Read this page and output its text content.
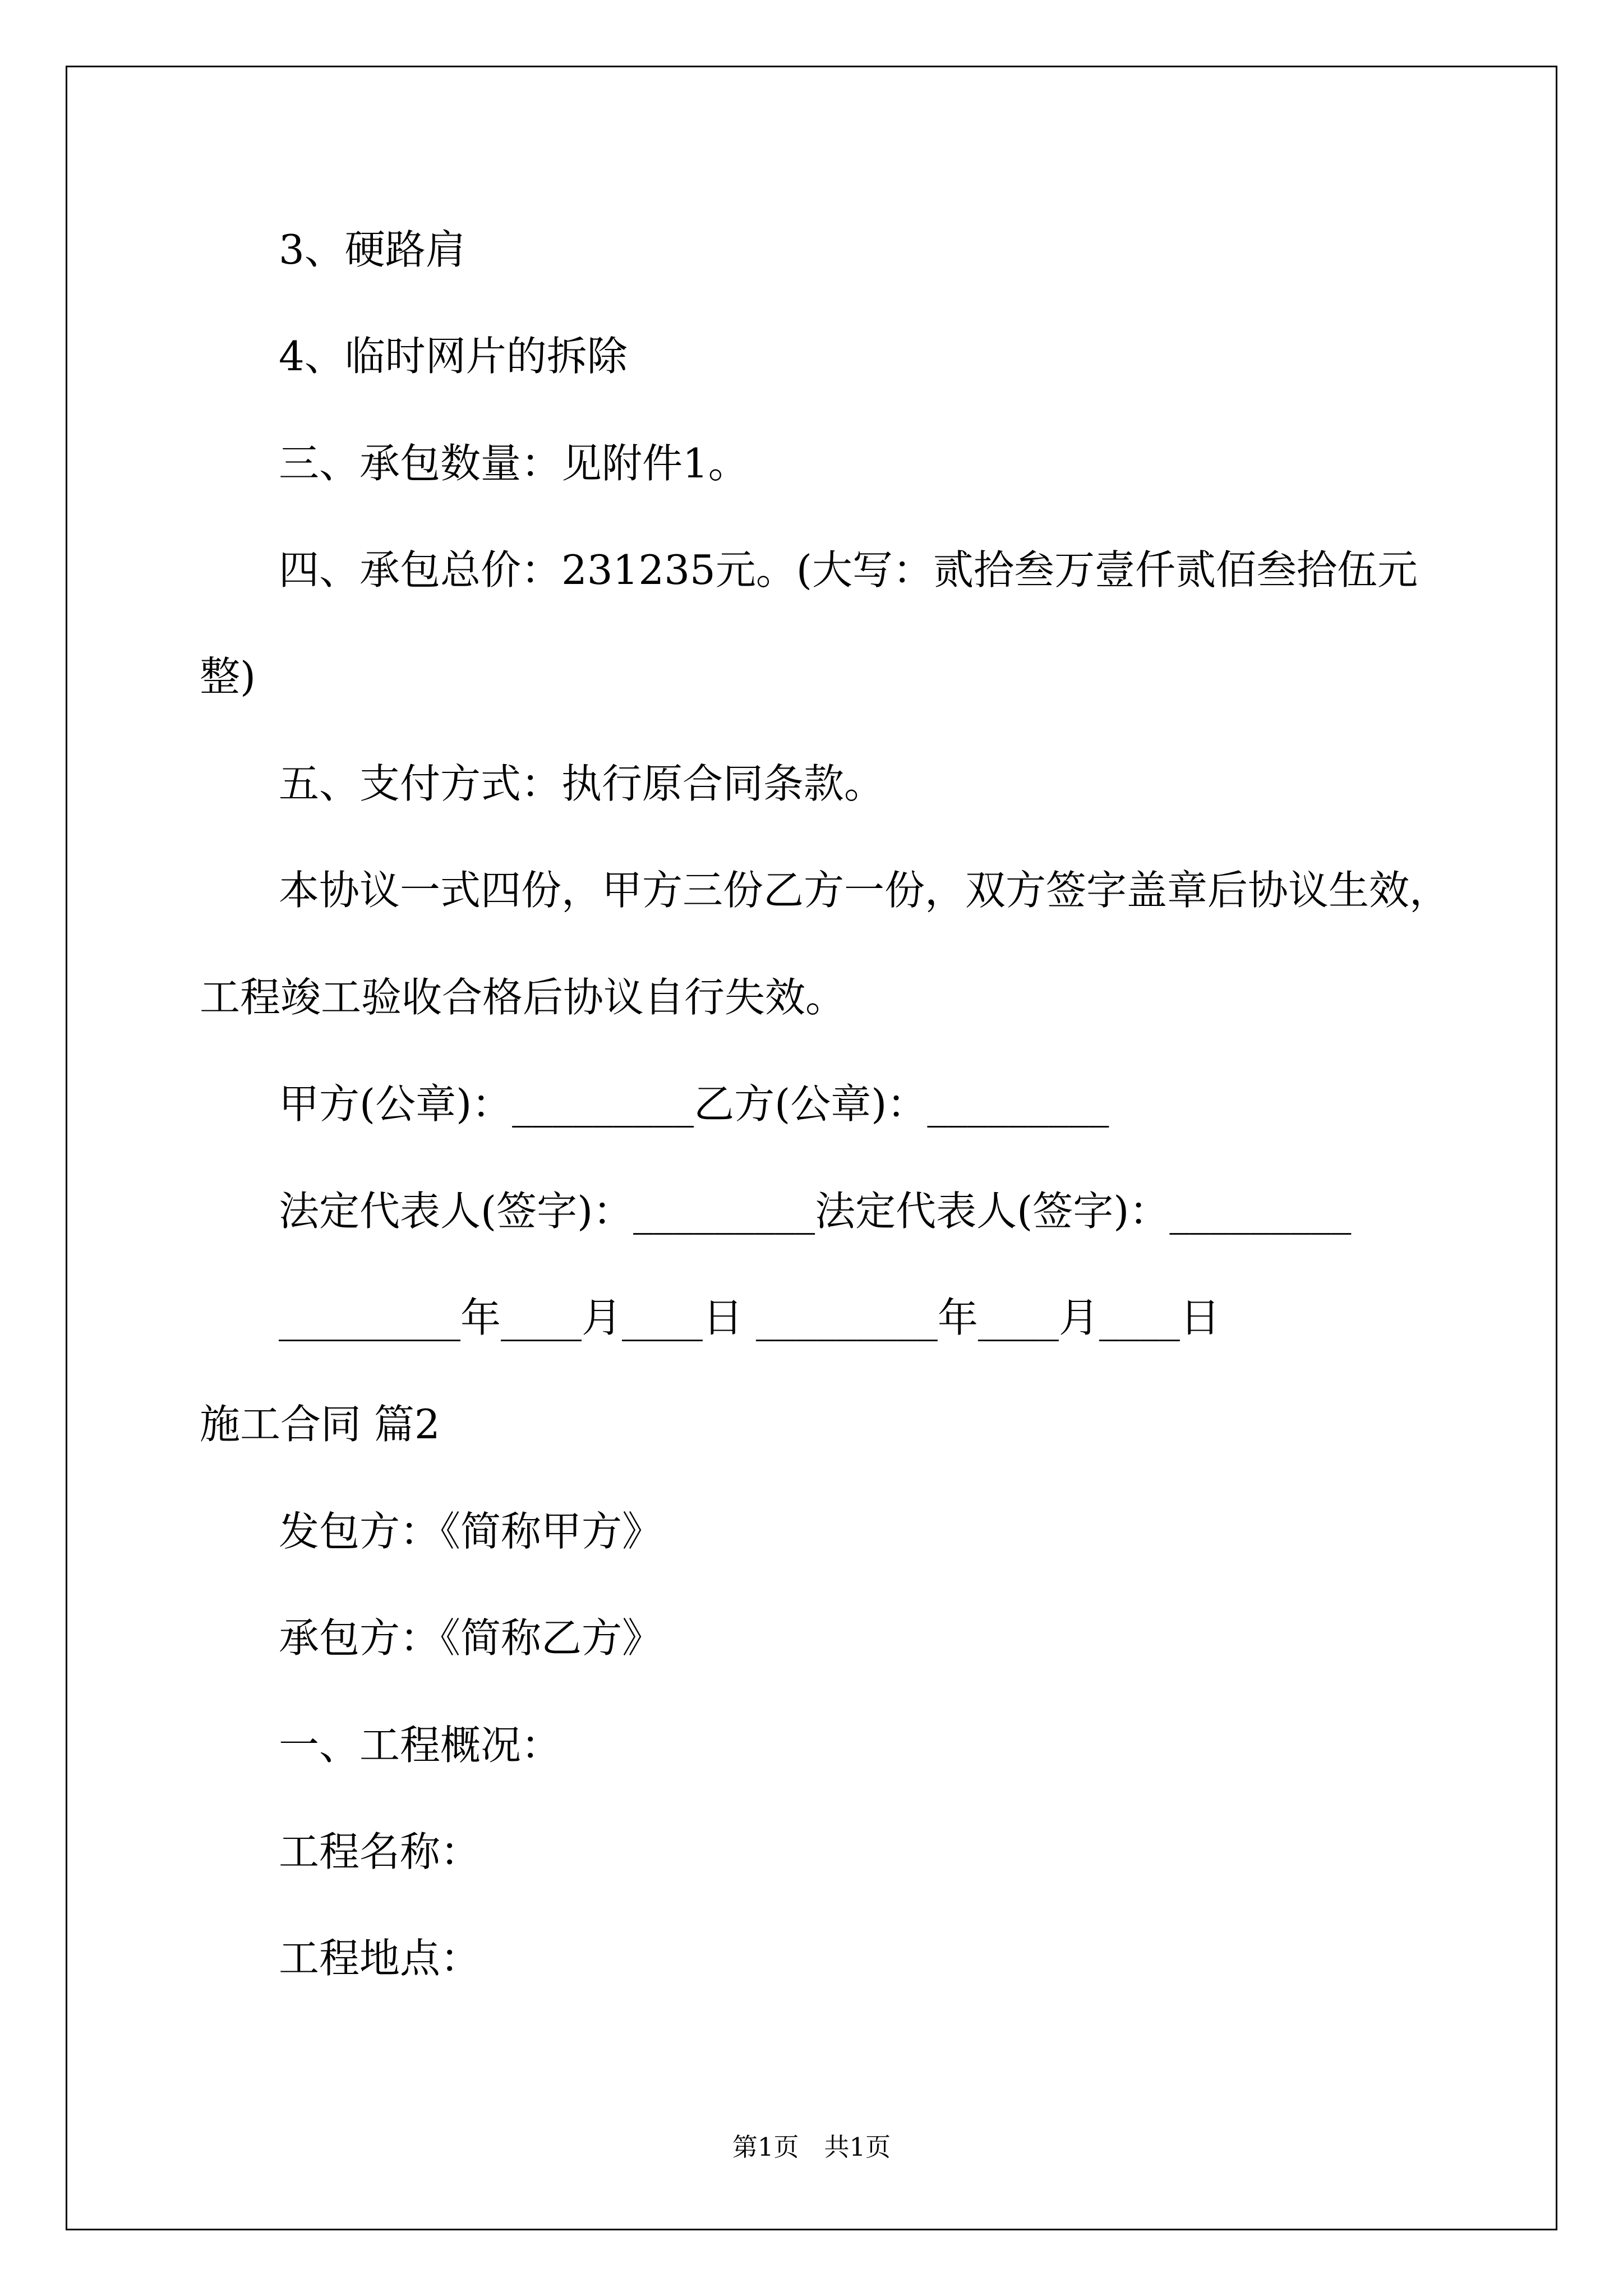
3、硬路肩
4、临时网片的拆除
三、承包数量：见附件1。
四、承包总价：231235元。(大写：贰拾叁万壹仟贰佰叁拾伍元
整)
五、支付方式：执行原合同条款。
本协议一式四份，甲方三份乙方一份，双方签字盖章后协议生效，
工程竣工验收合格后协议自行失效。
甲方(公章)：_________乙方(公章)：_________
法定代表人(签字)：_________法定代表人(签字)：_________
_________年____月____日 _________年____月____日
施工合同 篇2
发包方：《简称甲方》
承包方：《简称乙方》
一、工程概况：
工程名称：
工程地点：
第1页　共1页
